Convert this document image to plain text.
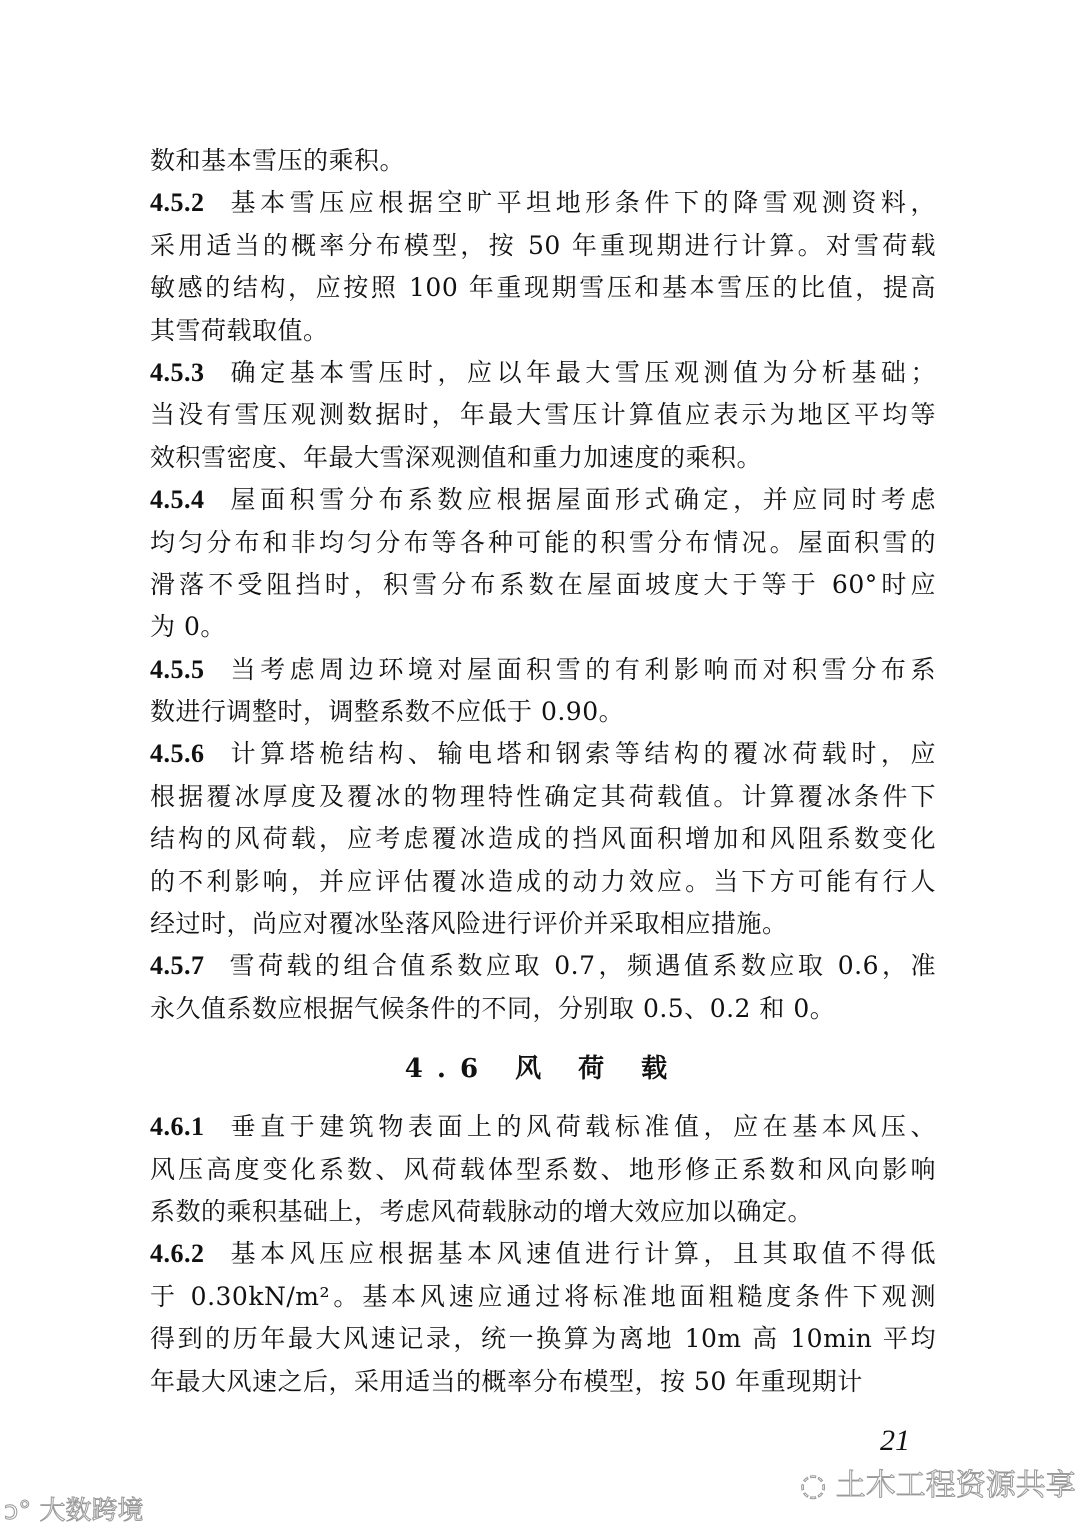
数和基本雪压的乘积。
4.5.2 基本雪压应根据空旷平坦地形条件下的降雪观测资料，
采用适当的概率分布模型，按 50 年重现期进行计算。对雪荷载
敏感的结构，应按照 100 年重现期雪压和基本雪压的比值，提高
其雪荷载取值。
4.5.3 确定基本雪压时，应以年最大雪压观测值为分析基础；
当没有雪压观测数据时，年最大雪压计算值应表示为地区平均等
效积雪密度、年最大雪深观测值和重力加速度的乘积。
4.5.4 屋面积雪分布系数应根据屋面形式确定，并应同时考虑
均匀分布和非均匀分布等各种可能的积雪分布情况。屋面积雪的
滑落不受阻挡时，积雪分布系数在屋面坡度大于等于 60°时应
为 0。
4.5.5 当考虑周边环境对屋面积雪的有利影响而对积雪分布系
数进行调整时，调整系数不应低于 0.90。
4.5.6 计算塔桅结构、输电塔和钢索等结构的覆冰荷载时，应
根据覆冰厚度及覆冰的物理特性确定其荷载值。计算覆冰条件下
结构的风荷载，应考虑覆冰造成的挡风面积增加和风阻系数变化
的不利影响，并应评估覆冰造成的动力效应。当下方可能有行人
经过时，尚应对覆冰坠落风险进行评价并采取相应措施。
4.5.7 雪荷载的组合值系数应取 0.7，频遇值系数应取 0.6，准
永久值系数应根据气候条件的不同，分别取 0.5、0.2 和 0。
4.6 风 荷 载
4.6.1 垂直于建筑物表面上的风荷载标准值，应在基本风压、
风压高度变化系数、风荷载体型系数、地形修正系数和风向影响
系数的乘积基础上，考虑风荷载脉动的增大效应加以确定。
4.6.2 基本风压应根据基本风速值进行计算，且其取值不得低
于 0.30kN/m²。基本风速应通过将标准地面粗糙度条件下观测
得到的历年最大风速记录，统一换算为离地 10m 高 10min 平均
年最大风速之后，采用适当的概率分布模型，按 50 年重现期计
21
◌ 土木工程资源共享
ↄ° 大数跨境
